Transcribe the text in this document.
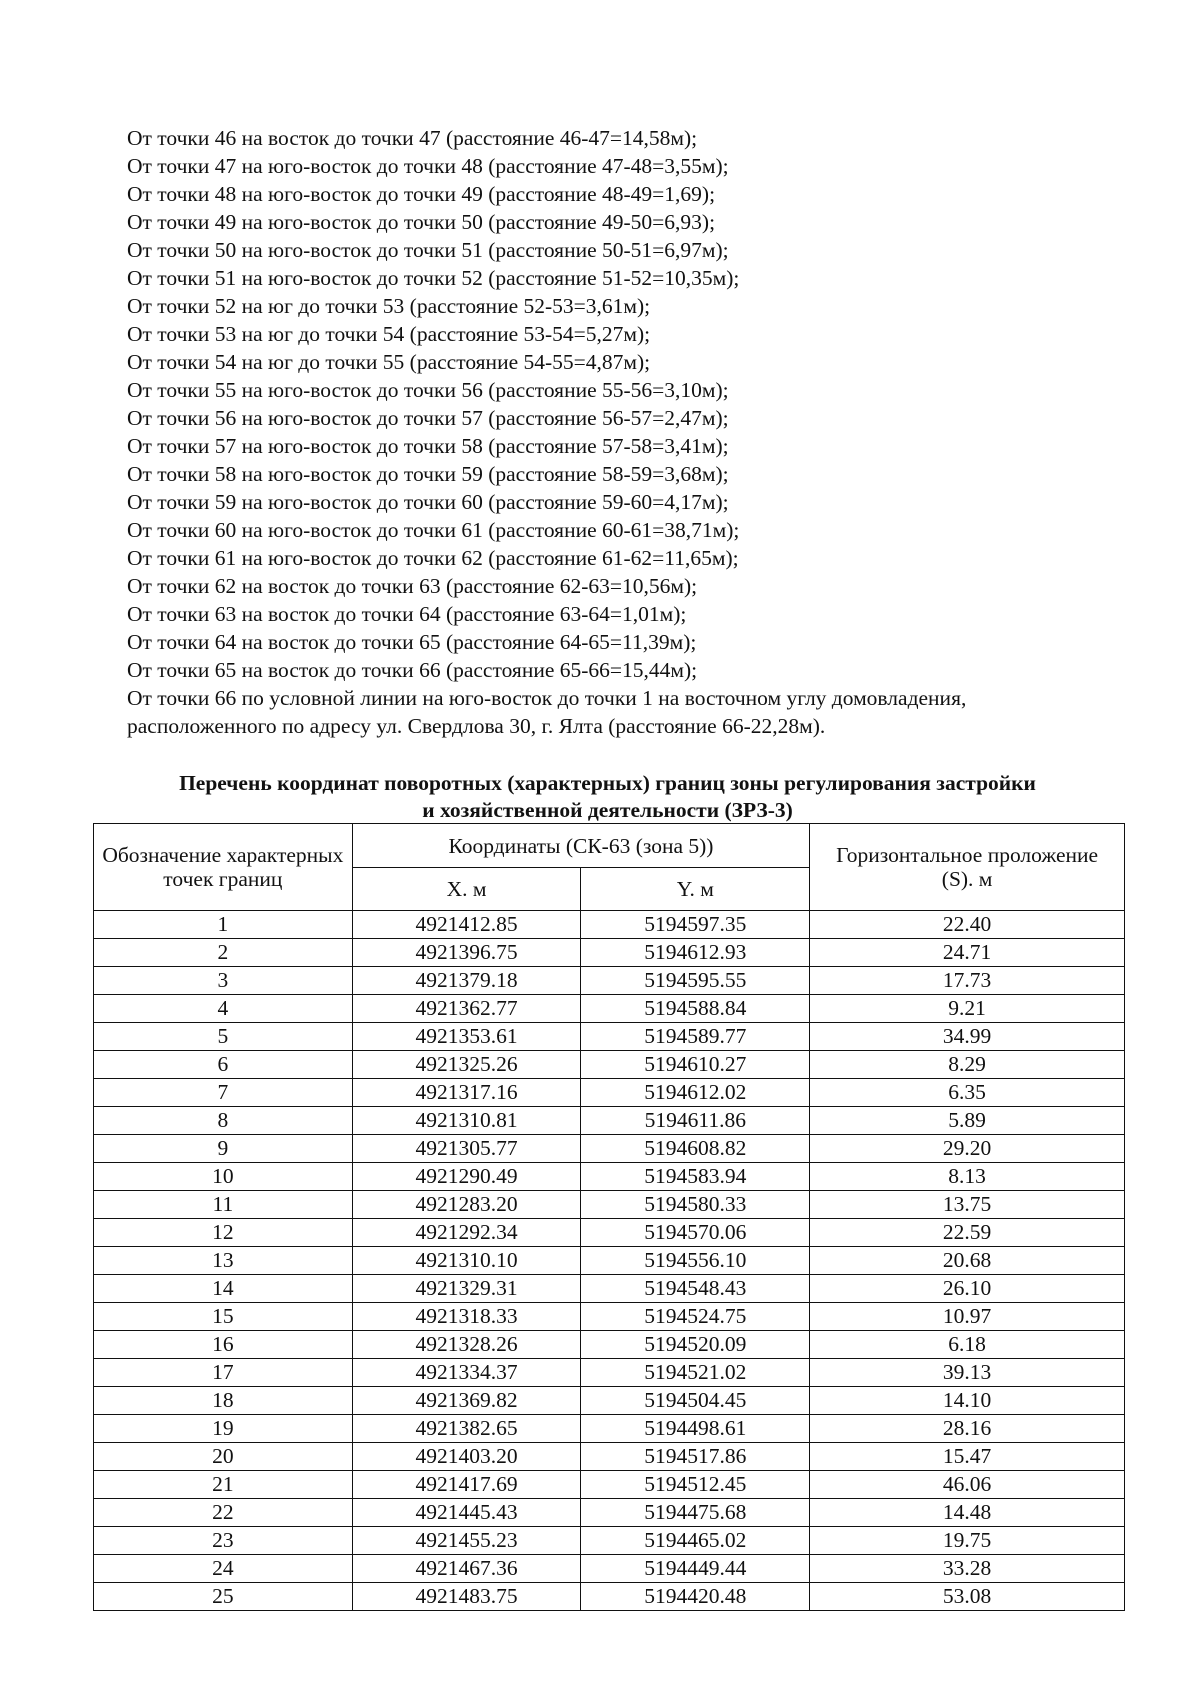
От точки 46 на восток до точки 47 (расстояние 46-47=14,58м);

От точки 47 на юго-восток до точки 48 (расстояние 47-48=3,55м);

От точки 48 на юго-восток до точки 49 (расстояние 48-49=1,69);

От точки 49 на юго-восток до точки 50 (расстояние 49-50=6,93);

От точки 50 на юго-восток до точки 51 (расстояние 50-51=6,97м);

От точки 51 на юго-восток до точки 52 (расстояние 51-52=10,35м);

От точки 52 на юг до точки 53 (расстояние 52-53=3,61м);

От точки 53 на юг до точки 54 (расстояние 53-54=5,27м);

От точки 54 на юг до точки 55 (расстояние 54-55=4,87м);

От точки 55 на юго-восток до точки 56 (расстояние 55-56=3,10м);

От точки 56 на юго-восток до точки 57 (расстояние 56-57=2,47м);

От точки 57 на юго-восток до точки 58 (расстояние 57-58=3,41м);

От точки 58 на юго-восток до точки 59 (расстояние 58-59=3,68м);

От точки 59 на юго-восток до точки 60 (расстояние 59-60=4,17м);

От точки 60 на юго-восток до точки 61 (расстояние 60-61=38,71м);

От точки 61 на юго-восток до точки 62 (расстояние 61-62=11,65м);

От точки 62 на восток до точки 63 (расстояние 62-63=10,56м);

От точки 63 на восток до точки 64 (расстояние 63-64=1,01м);

От точки 64 на восток до точки 65 (расстояние 64-65=11,39м);

От точки 65 на восток до точки 66 (расстояние 65-66=15,44м);

От точки 66 по условной линии на юго-восток до точки 1 на восточном углу домовладения, расположенного по адресу ул. Свердлова 30, г. Ялта (расстояние 66-22,28м).

Перечень координат поворотных (характерных) границ зоны регулирования застройки
и хозяйственной деятельности (ЗРЗ-3)
Обозначение характерных точек границ	Координаты (СК-63 (зона 5))		Горизонтальное проложение (S). м
	X. м	Y. м	
1	4921412.85	5194597.35	22.40
2	4921396.75	5194612.93	24.71
3	4921379.18	5194595.55	17.73
4	4921362.77	5194588.84	9.21
5	4921353.61	5194589.77	34.99
6	4921325.26	5194610.27	8.29
7	4921317.16	5194612.02	6.35
8	4921310.81	5194611.86	5.89
9	4921305.77	5194608.82	29.20
10	4921290.49	5194583.94	8.13
11	4921283.20	5194580.33	13.75
12	4921292.34	5194570.06	22.59
13	4921310.10	5194556.10	20.68
14	4921329.31	5194548.43	26.10
15	4921318.33	5194524.75	10.97
16	4921328.26	5194520.09	6.18
17	4921334.37	5194521.02	39.13
18	4921369.82	5194504.45	14.10
19	4921382.65	5194498.61	28.16
20	4921403.20	5194517.86	15.47
21	4921417.69	5194512.45	46.06
22	4921445.43	5194475.68	14.48
23	4921455.23	5194465.02	19.75
24	4921467.36	5194449.44	33.28
25	4921483.75	5194420.48	53.08
